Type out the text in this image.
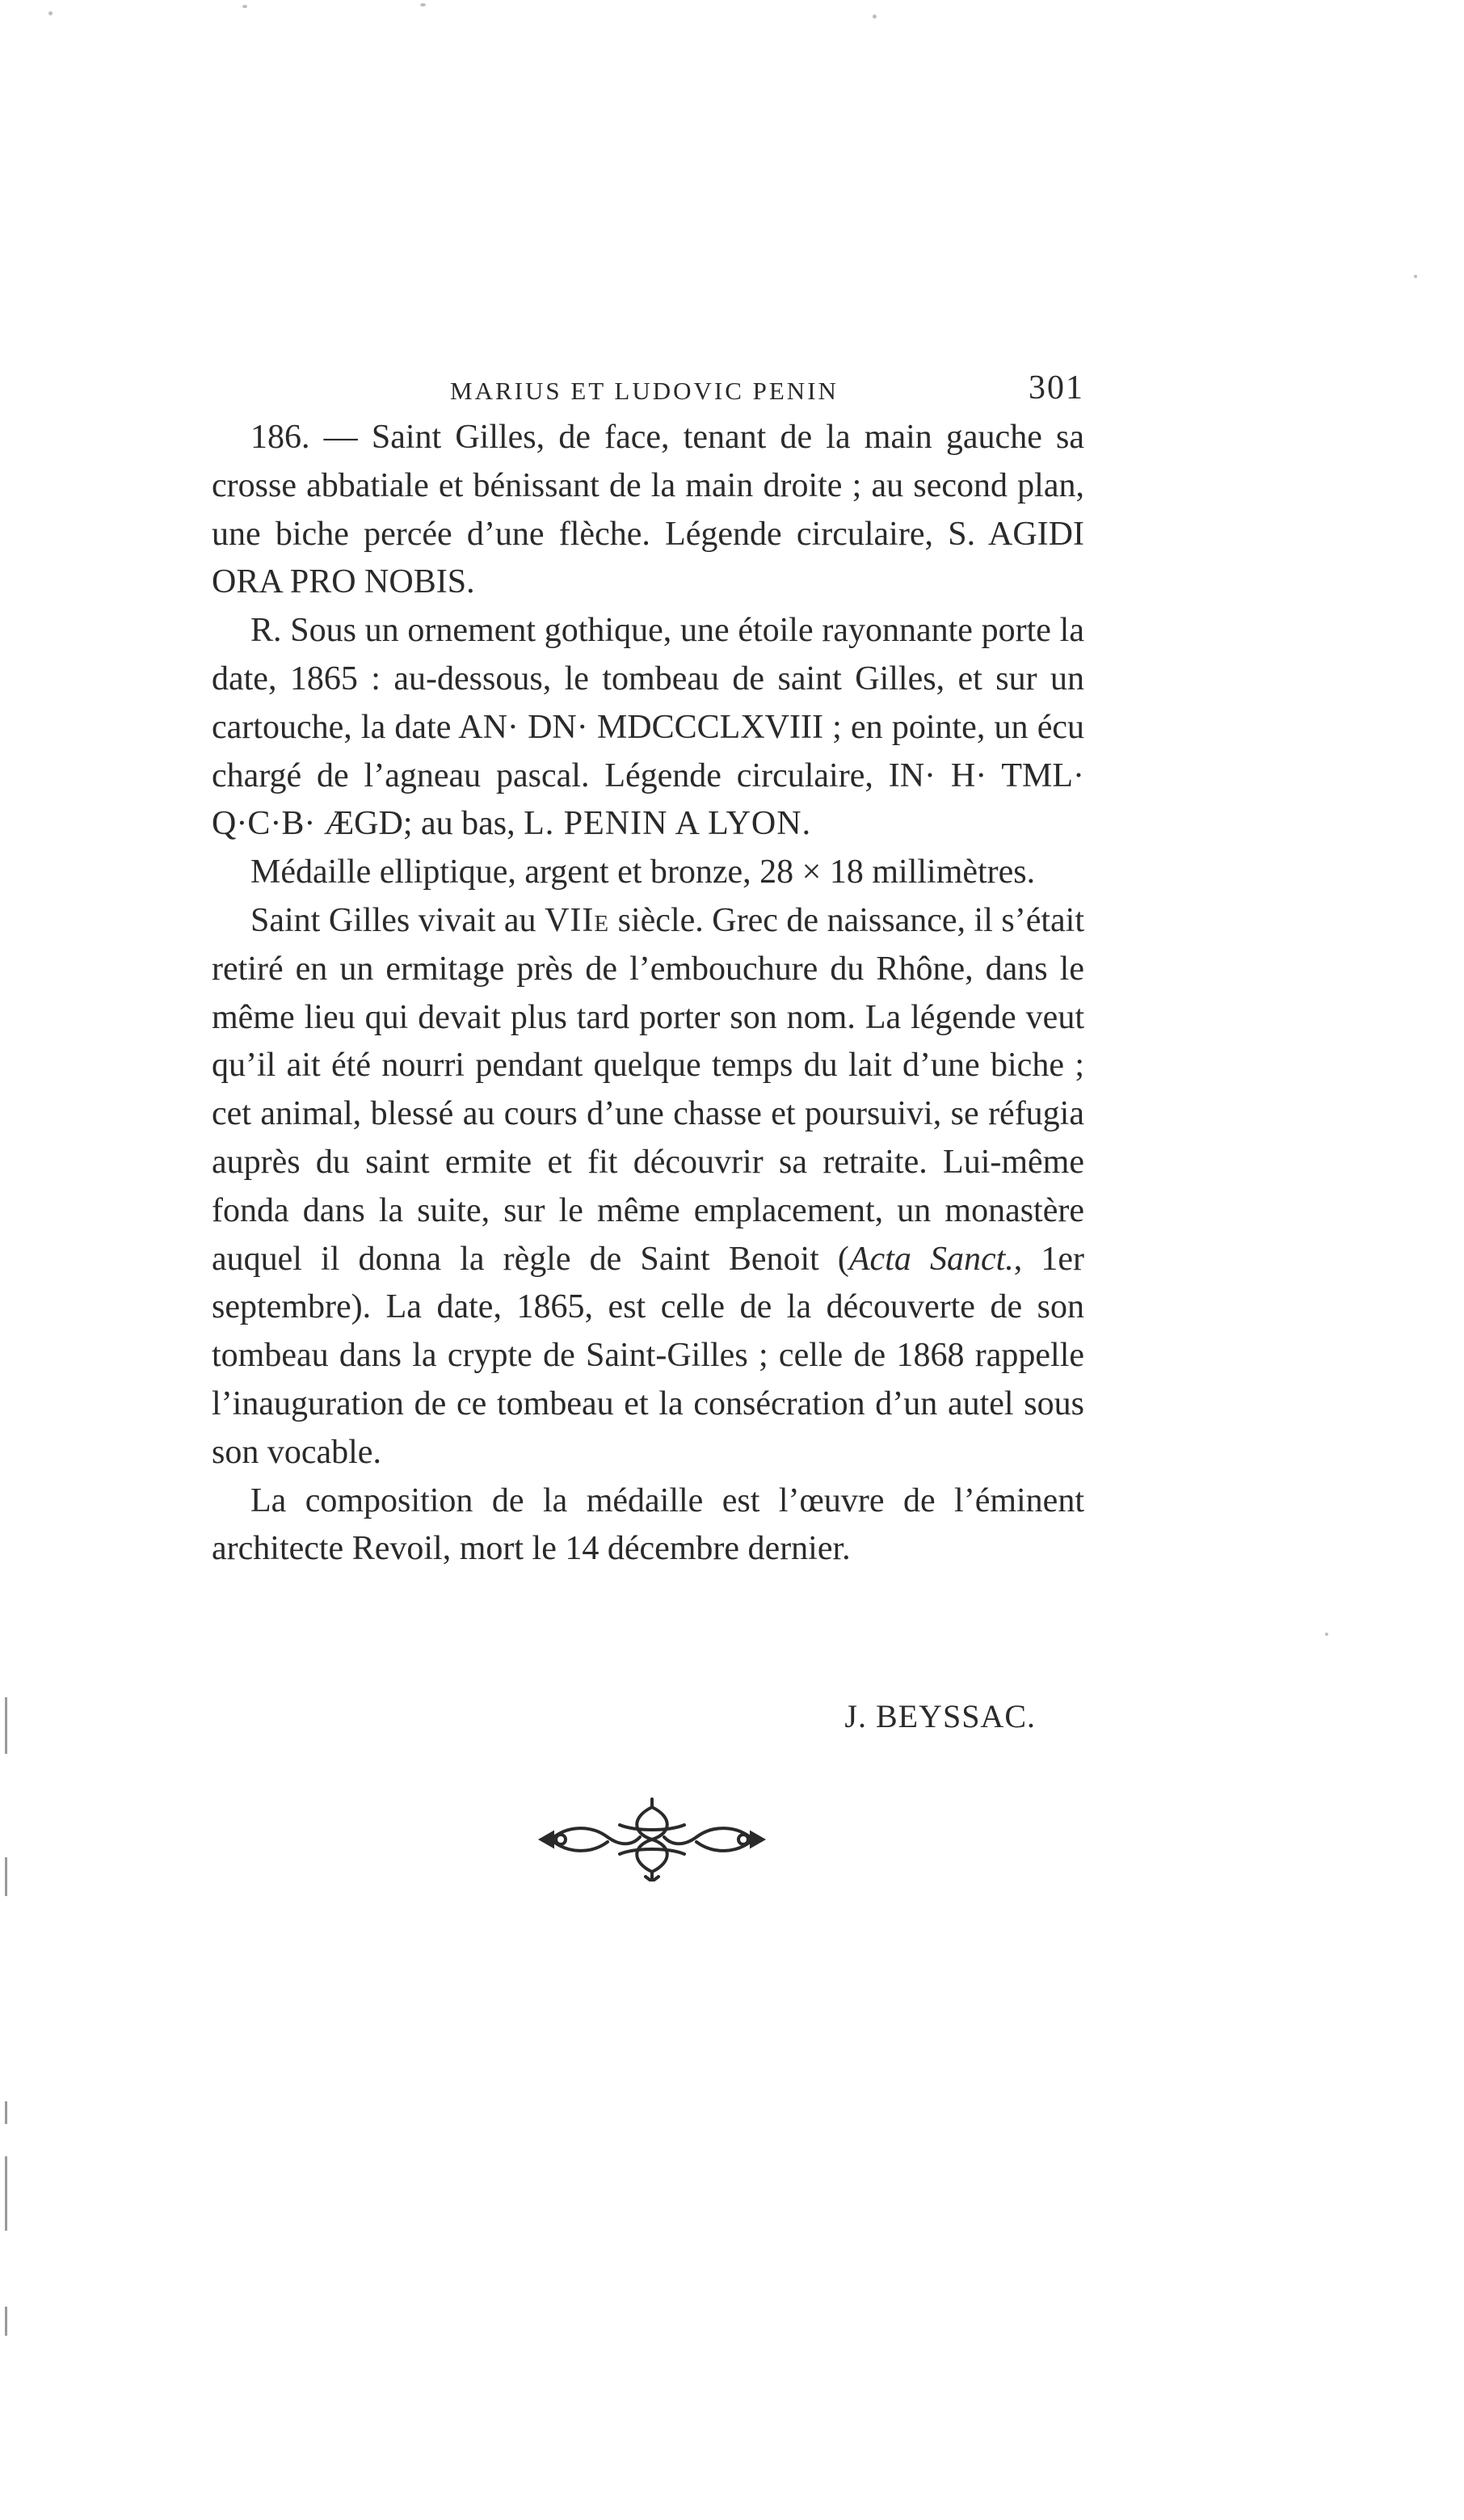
MARIUS ET LUDOVIC PENIN	301

186. — Saint Gilles, de face, tenant de la main gauche sa crosse abbatiale et bénissant de la main droite ; au second plan, une biche percée d’une flèche. Légende circulaire, S. AGIDI ORA PRO NOBIS.

R. Sous un ornement gothique, une étoile rayonnante porte la date, 1865 : au-dessous, le tombeau de saint Gilles, et sur un cartouche, la date AN· DN· MDCCCLXVIII ; en pointe, un écu chargé de l’agneau pascal. Légende circulaire, IN· H· TML· Q·C·B· ÆGD; au bas, L. PENIN A LYON.

Médaille elliptique, argent et bronze, 28 × 18 millimètres.

Saint Gilles vivait au VIIe siècle. Grec de naissance, il s’était retiré en un ermitage près de l’embouchure du Rhône, dans le même lieu qui devait plus tard porter son nom. La légende veut qu’il ait été nourri pendant quelque temps du lait d’une biche ; cet animal, blessé au cours d’une chasse et poursuivi, se réfugia auprès du saint ermite et fit découvrir sa retraite. Lui-même fonda dans la suite, sur le même emplacement, un monastère auquel il donna la règle de Saint Benoit (Acta Sanct., 1er septembre). La date, 1865, est celle de la découverte de son tombeau dans la crypte de Saint-Gilles ; celle de 1868 rappelle l’inauguration de ce tombeau et la consécration d’un autel sous son vocable.

La composition de la médaille est l’œuvre de l’éminent architecte Revoil, mort le 14 décembre dernier.

J. BEYSSAC.
